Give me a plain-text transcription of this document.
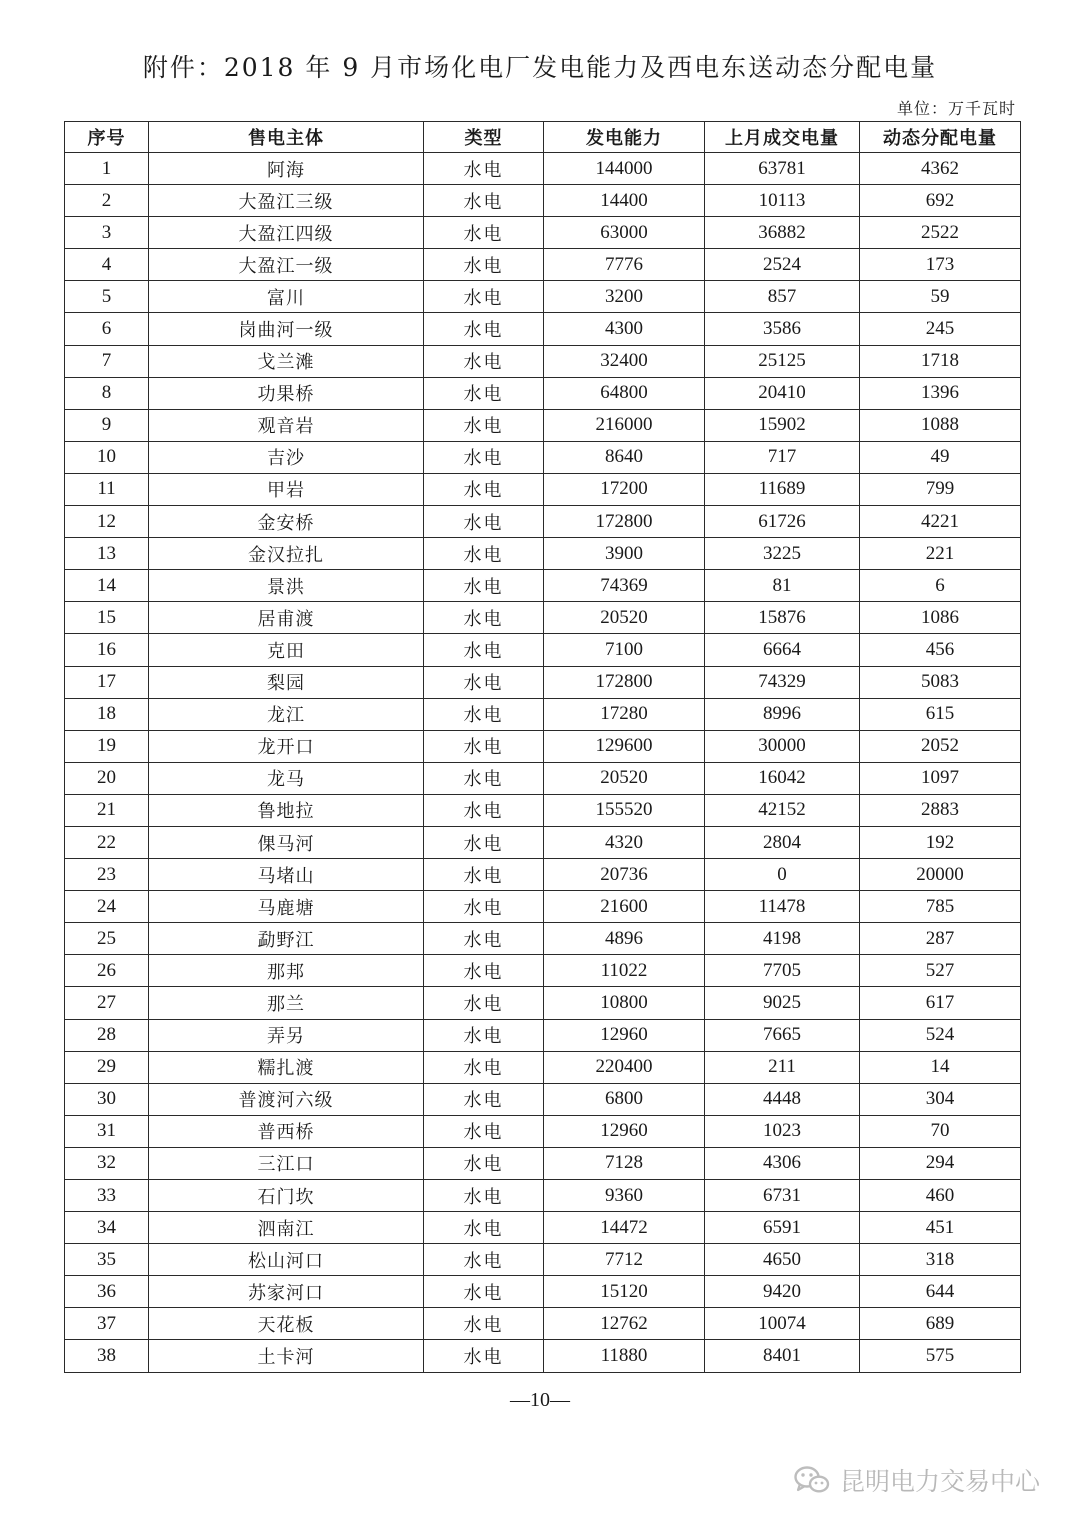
附件：2018 年 9 月市场化电厂发电能力及西电东送动态分配电量
单位：万千瓦时
序号	售电主体	类型	发电能力	上月成交电量	动态分配电量
1	阿海	水电	144000	63781	4362
2	大盈江三级	水电	14400	10113	692
3	大盈江四级	水电	63000	36882	2522
4	大盈江一级	水电	7776	2524	173
5	富川	水电	3200	857	59
6	岗曲河一级	水电	4300	3586	245
7	戈兰滩	水电	32400	25125	1718
8	功果桥	水电	64800	20410	1396
9	观音岩	水电	216000	15902	1088
10	吉沙	水电	8640	717	49
11	甲岩	水电	17200	11689	799
12	金安桥	水电	172800	61726	4221
13	金汉拉扎	水电	3900	3225	221
14	景洪	水电	74369	81	6
15	居甫渡	水电	20520	15876	1086
16	克田	水电	7100	6664	456
17	梨园	水电	172800	74329	5083
18	龙江	水电	17280	8996	615
19	龙开口	水电	129600	30000	2052
20	龙马	水电	20520	16042	1097
21	鲁地拉	水电	155520	42152	2883
22	倮马河	水电	4320	2804	192
23	马堵山	水电	20736	0	20000
24	马鹿塘	水电	21600	11478	785
25	勐野江	水电	4896	4198	287
26	那邦	水电	11022	7705	527
27	那兰	水电	10800	9025	617
28	弄另	水电	12960	7665	524
29	糯扎渡	水电	220400	211	14
30	普渡河六级	水电	6800	4448	304
31	普西桥	水电	12960	1023	70
32	三江口	水电	7128	4306	294
33	石门坎	水电	9360	6731	460
34	泗南江	水电	14472	6591	451
35	松山河口	水电	7712	4650	318
36	苏家河口	水电	15120	9420	644
37	天花板	水电	12762	10074	689
38	土卡河	水电	11880	8401	575
—10—
昆明电力交易中心
